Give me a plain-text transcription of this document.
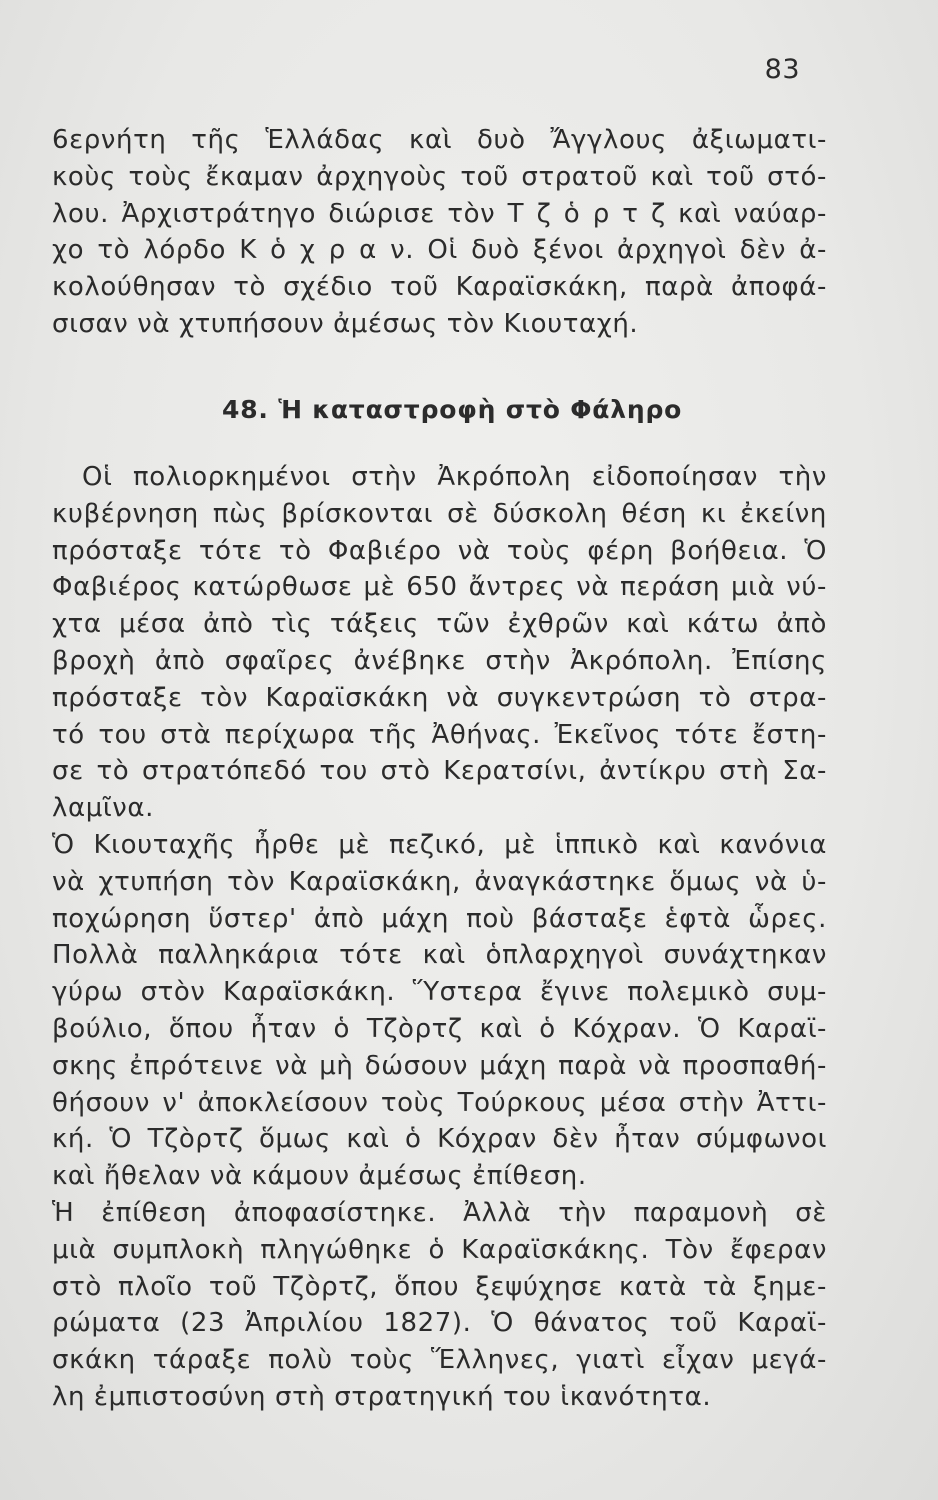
83
6ερνήτη τῆς Ἑλλάδας καὶ δυὸ Ἄγγλους ἀξιωματι-
κοὺς τοὺς ἔκαμαν ἀρχηγοὺς τοῦ στρατοῦ καὶ τοῦ στό-
λου. Ἀρχιστράτηγο διώρισε τὸν Τ ζ ὁ ρ τ ζ καὶ ναύαρ-
χο τὸ λόρδο Κ ὁ χ ρ α ν. Οἱ δυὸ ξένοι ἀρχηγοὶ δὲν ἀ-
κολούθησαν τὸ σχέδιο τοῦ Καραϊσκάκη, παρὰ ἀποφά-
σισαν νὰ χτυπήσουν ἀμέσως τὸν Κιουταχή.
48. Ἡ καταστροφὴ στὸ Φάληρο
Οἱ πολιορκημένοι στὴν Ἀκρόπολη εἰδοποίησαν τὴν
κυβέρνηση πὼς βρίσκονται σὲ δύσκολη θέση κι ἐκείνη
πρόσταξε τότε τὸ Φαβιέρο νὰ τοὺς φέρη βοήθεια. Ὁ
Φαβιέρος κατώρθωσε μὲ 650 ἄντρες νὰ περάση μιὰ νύ-
χτα μέσα ἀπὸ τὶς τάξεις τῶν ἐχθρῶν καὶ κάτω ἀπὸ
βροχὴ ἀπὸ σφαῖρες ἀνέβηκε στὴν Ἀκρόπολη. Ἐπίσης
πρόσταξε τὸν Καραϊσκάκη νὰ συγκεντρώση τὸ στρα-
τό του στὰ περίχωρα τῆς Ἀθήνας. Ἐκεῖνος τότε ἔστη-
σε τὸ στρατόπεδό του στὸ Κερατσίνι, ἀντίκρυ στὴ Σα-
λαμῖνα.
Ὁ Κιουταχῆς ἦρθε μὲ πεζικό, μὲ ἱππικὸ καὶ κανόνια
νὰ χτυπήση τὸν Καραϊσκάκη, ἀναγκάστηκε ὅμως νὰ ὑ-
ποχώρηση ὕστερ' ἀπὸ μάχη ποὺ βάσταξε ἑφτὰ ὧρες.
Πολλὰ παλληκάρια τότε καὶ ὁπλαρχηγοὶ συνάχτηκαν
γύρω στὸν Καραϊσκάκη. Ὕστερα ἔγινε πολεμικὸ συμ-
βούλιο, ὅπου ἦταν ὁ Τζὸρτζ καὶ ὁ Κόχραν. Ὁ Καραϊ-
σκης ἐπρότεινε νὰ μὴ δώσουν μάχη παρὰ νὰ προσπαθή-
θήσουν ν' ἀποκλείσουν τοὺς Τούρκους μέσα στὴν Ἀττι-
κή. Ὁ Τζὸρτζ ὅμως καὶ ὁ Κόχραν δὲν ἦταν σύμφωνοι
καὶ ἤθελαν νὰ κάμουν ἀμέσως ἐπίθεση.
Ἡ ἐπίθεση ἀποφασίστηκε. Ἀλλὰ τὴν παραμονὴ σὲ
μιὰ συμπλοκὴ πληγώθηκε ὁ Καραϊσκάκης. Τὸν ἔφεραν
στὸ πλοῖο τοῦ Τζὸρτζ, ὅπου ξεψύχησε κατὰ τὰ ξημε-
ρώματα (23 Ἀπριλίου 1827). Ὁ θάνατος τοῦ Καραϊ-
σκάκη τάραξε πολὺ τοὺς Ἕλληνες, γιατὶ εἶχαν μεγά-
λη ἐμπιστοσύνη στὴ στρατηγική του ἱκανότητα.
